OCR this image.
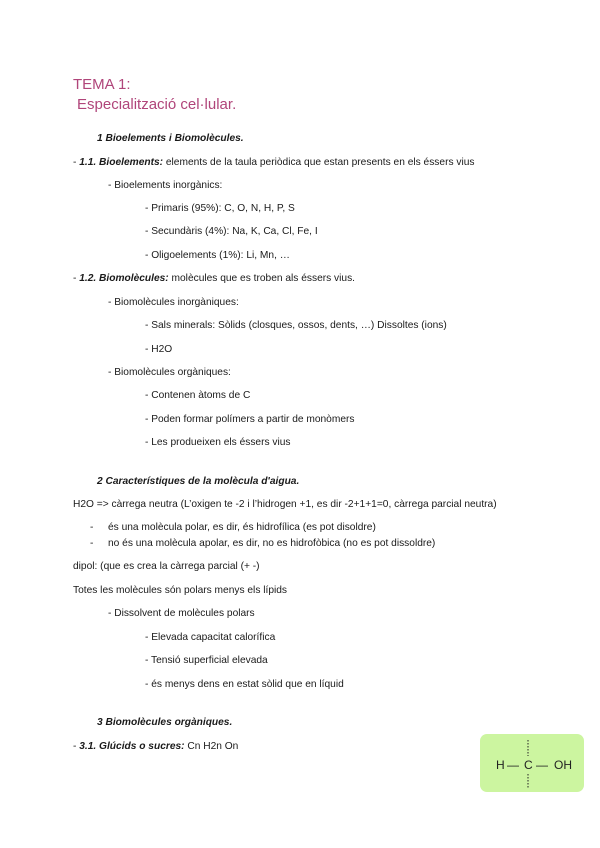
TEMA 1:
Especialització cel·lular.
1 Bioelements i Biomolècules.
- 1.1. Bioelements: elements de la taula periòdica que estan presents en els éssers vius
- Bioelements inorgànics:
- Primaris (95%): C, O, N, H, P, S
- Secundàris (4%): Na, K, Ca, Cl, Fe, I
- Oligoelements (1%): Li, Mn, …
- 1.2. Biomolècules: molècules que es troben als éssers vius.
- Biomolècules inorgàniques:
- Sals minerals: Sòlids (closques, ossos, dents, …) Dissoltes (ions)
- H2O
- Biomolècules orgàniques:
- Contenen àtoms de C
- Poden formar polímers a partir de monòmers
- Les produeixen els éssers vius
2 Característiques de la molècula d'aigua.
H2O => càrrega neutra (L’oxigen te -2 i l’hidrogen +1, es dir -2+1+1=0, càrrega parcial neutra)
- és una molècula polar, es dir, és hidrofílica (es pot disoldre)
- no és una molècula apolar, es dir, no es hidrofòbica (no es pot dissoldre)
dipol: (que es crea la càrrega parcial (+ -)
Totes les molècules són polars menys els lípids
- Dissolvent de molècules polars
- Elevada capacitat calorífica
- Tensió superficial elevada
- és menys dens en estat sòlid que en líquid
3 Biomolècules orgàniques.
- 3.1. Glúcids o sucres: Cn H2n On
H — C — OH
